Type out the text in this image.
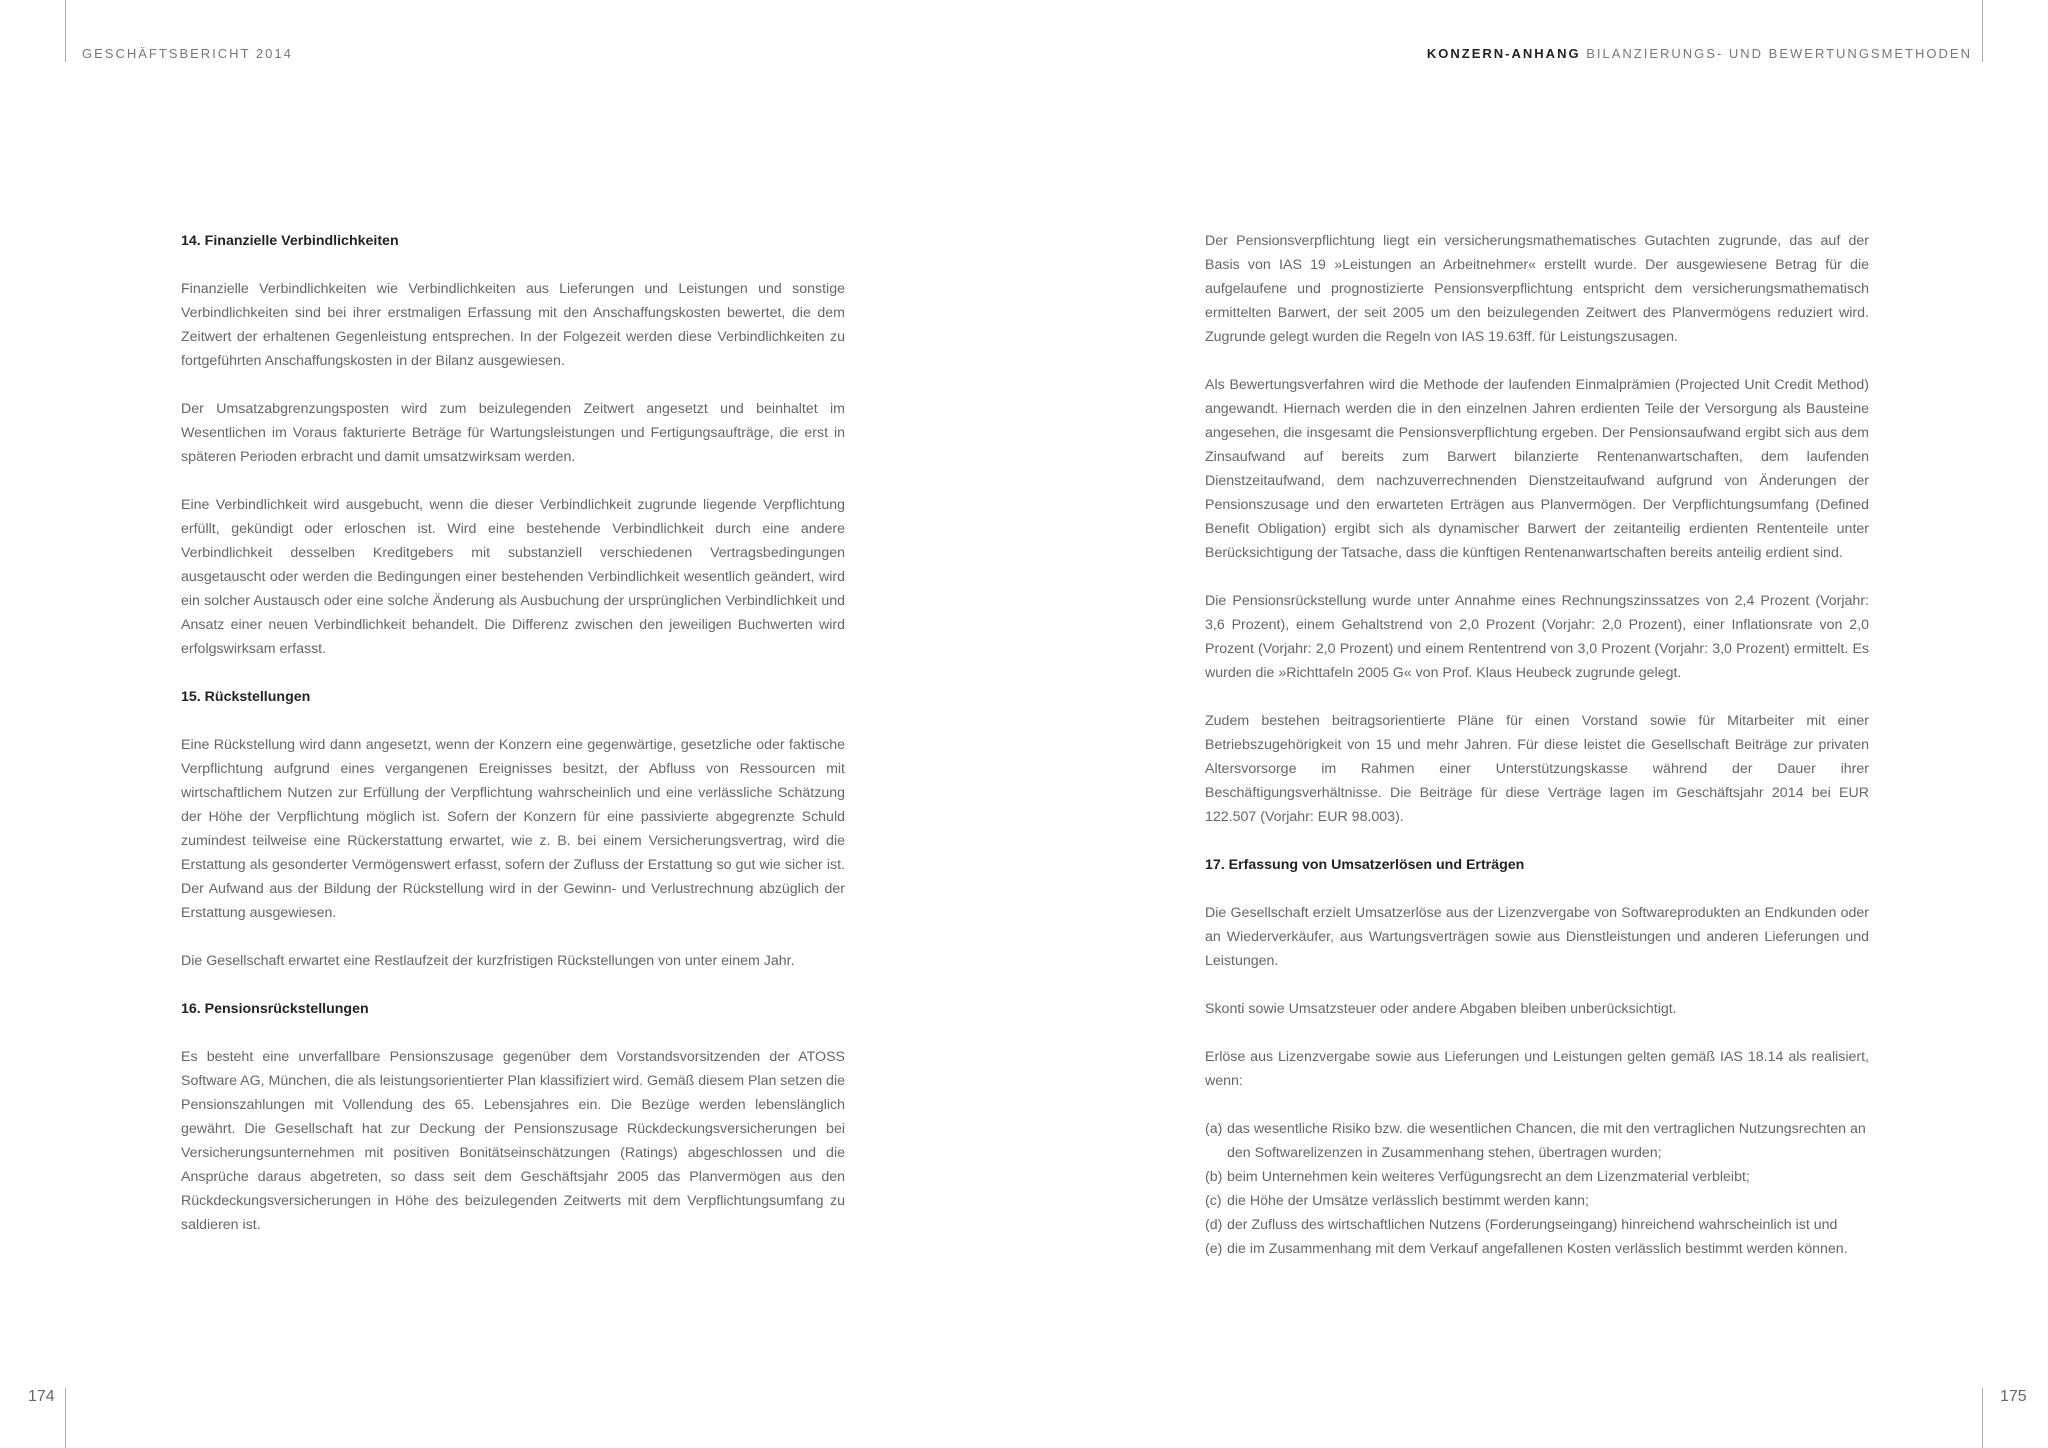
GESCHÄFTSBERICHT 2014	KONZERN-ANHANG BILANZIERUNGS- UND BEWERTUNGSMETHODEN
174	175
14. Finanzielle Verbindlichkeiten

Finanzielle Verbindlichkeiten wie Verbindlichkeiten aus Lieferungen und Leistungen und sonstige Verbindlichkeiten sind bei ihrer erstmaligen Erfassung mit den Anschaffungskosten bewertet, die dem Zeitwert der erhaltenen Gegenleistung entsprechen. In der Folgezeit werden diese Verbindlichkeiten zu fortgeführten Anschaffungskosten in der Bilanz ausgewiesen.

Der Umsatzabgrenzungsposten wird zum beizulegenden Zeitwert angesetzt und beinhaltet im Wesentlichen im Voraus fakturierte Beträge für Wartungsleistungen und Fertigungsaufträge, die erst in späteren Perioden erbracht und damit umsatzwirksam werden.

Eine Verbindlichkeit wird ausgebucht, wenn die dieser Verbindlichkeit zugrunde liegende Verpflichtung erfüllt, gekündigt oder erloschen ist. Wird eine bestehende Verbindlichkeit durch eine andere Verbindlichkeit desselben Kreditgebers mit substanziell verschiedenen Vertragsbedingungen ausgetauscht oder werden die Bedingungen einer bestehenden Verbindlichkeit wesentlich geändert, wird ein solcher Austausch oder eine solche Änderung als Ausbuchung der ursprünglichen Verbindlichkeit und Ansatz einer neuen Verbindlichkeit behandelt. Die Differenz zwischen den jeweiligen Buchwerten wird erfolgswirksam erfasst.

15. Rückstellungen

Eine Rückstellung wird dann angesetzt, wenn der Konzern eine gegenwärtige, gesetzliche oder faktische Verpflichtung aufgrund eines vergangenen Ereignisses besitzt, der Abfluss von Ressourcen mit wirtschaftlichem Nutzen zur Erfüllung der Verpflichtung wahrscheinlich und eine verlässliche Schätzung der Höhe der Verpflichtung möglich ist. Sofern der Konzern für eine passivierte abgegrenzte Schuld zumindest teilweise eine Rückerstattung erwartet, wie z. B. bei einem Versicherungsvertrag, wird die Erstattung als gesonderter Vermögenswert erfasst, sofern der Zufluss der Erstattung so gut wie sicher ist. Der Aufwand aus der Bildung der Rückstellung wird in der Gewinn- und Verlustrechnung abzüglich der Erstattung ausgewiesen.

Die Gesellschaft erwartet eine Restlaufzeit der kurzfristigen Rückstellungen von unter einem Jahr.

16. Pensionsrückstellungen

Es besteht eine unverfallbare Pensionszusage gegenüber dem Vorstandsvorsitzenden der ATOSS Software AG, München, die als leistungsorientierter Plan klassifiziert wird. Gemäß diesem Plan setzen die Pensionszahlungen mit Vollendung des 65. Lebensjahres ein. Die Bezüge werden lebenslänglich gewährt. Die Gesellschaft hat zur Deckung der Pensionszusage Rückdeckungsversicherungen bei Versicherungsunternehmen mit positiven Bonitätseinschätzungen (Ratings) abgeschlossen und die Ansprüche daraus abgetreten, so dass seit dem Geschäftsjahr 2005 das Planvermögen aus den Rückdeckungsversicherungen in Höhe des beizulegenden Zeitwerts mit dem Verpflichtungsumfang zu saldieren ist.

Der Pensionsverpflichtung liegt ein versicherungsmathematisches Gutachten zugrunde, das auf der Basis von IAS 19 »Leistungen an Arbeitnehmer« erstellt wurde. Der ausgewiesene Betrag für die aufgelaufene und prognostizierte Pensionsverpflichtung entspricht dem versicherungsmathematisch ermittelten Barwert, der seit 2005 um den beizulegenden Zeitwert des Planvermögens reduziert wird. Zugrunde gelegt wurden die Regeln von IAS 19.63ff. für Leistungszusagen.

Als Bewertungsverfahren wird die Methode der laufenden Einmalprämien (Projected Unit Credit Method) angewandt. Hiernach werden die in den einzelnen Jahren erdienten Teile der Versorgung als Bausteine angesehen, die insgesamt die Pensionsverpflichtung ergeben. Der Pensionsaufwand ergibt sich aus dem Zinsaufwand auf bereits zum Barwert bilanzierte Rentenanwartschaften, dem laufenden Dienstzeitaufwand, dem nachzuverrechnenden Dienstzeitaufwand aufgrund von Änderungen der Pensionszusage und den erwarteten Erträgen aus Planvermögen. Der Verpflichtungsumfang (Defined Benefit Obligation) ergibt sich als dynamischer Barwert der zeitanteilig erdienten Rententeile unter Berücksichtigung der Tatsache, dass die künftigen Rentenanwartschaften bereits anteilig erdient sind.

Die Pensionsrückstellung wurde unter Annahme eines Rechnungszinssatzes von 2,4 Prozent (Vorjahr: 3,6 Prozent), einem Gehaltstrend von 2,0 Prozent (Vorjahr: 2,0 Prozent), einer Inflationsrate von 2,0 Prozent (Vorjahr: 2,0 Prozent) und einem Rententrend von 3,0 Prozent (Vorjahr: 3,0 Prozent) ermittelt. Es wurden die »Richttafeln 2005 G« von Prof. Klaus Heubeck zugrunde gelegt.

Zudem bestehen beitragsorientierte Pläne für einen Vorstand sowie für Mitarbeiter mit einer Betriebszugehörigkeit von 15 und mehr Jahren. Für diese leistet die Gesellschaft Beiträge zur privaten Altersvorsorge im Rahmen einer Unterstützungskasse während der Dauer ihrer Beschäftigungsverhältnisse. Die Beiträge für diese Verträge lagen im Geschäftsjahr 2014 bei EUR 122.507 (Vorjahr: EUR 98.003).

17. Erfassung von Umsatzerlösen und Erträgen

Die Gesellschaft erzielt Umsatzerlöse aus der Lizenzvergabe von Softwareprodukten an Endkunden oder an Wiederverkäufer, aus Wartungsverträgen sowie aus Dienstleistungen und anderen Lieferungen und Leistungen.

Skonti sowie Umsatzsteuer oder andere Abgaben bleiben unberücksichtigt.

Erlöse aus Lizenzvergabe sowie aus Lieferungen und Leistungen gelten gemäß IAS 18.14 als realisiert, wenn:

(a) das wesentliche Risiko bzw. die wesentlichen Chancen, die mit den vertraglichen Nutzungsrechten an den Softwarelizenzen in Zusammenhang stehen, übertragen wurden;
(b) beim Unternehmen kein weiteres Verfügungsrecht an dem Lizenzmaterial verbleibt;
(c) die Höhe der Umsätze verlässlich bestimmt werden kann;
(d) der Zufluss des wirtschaftlichen Nutzens (Forderungseingang) hinreichend wahrscheinlich ist und
(e) die im Zusammenhang mit dem Verkauf angefallenen Kosten verlässlich bestimmt werden können.
